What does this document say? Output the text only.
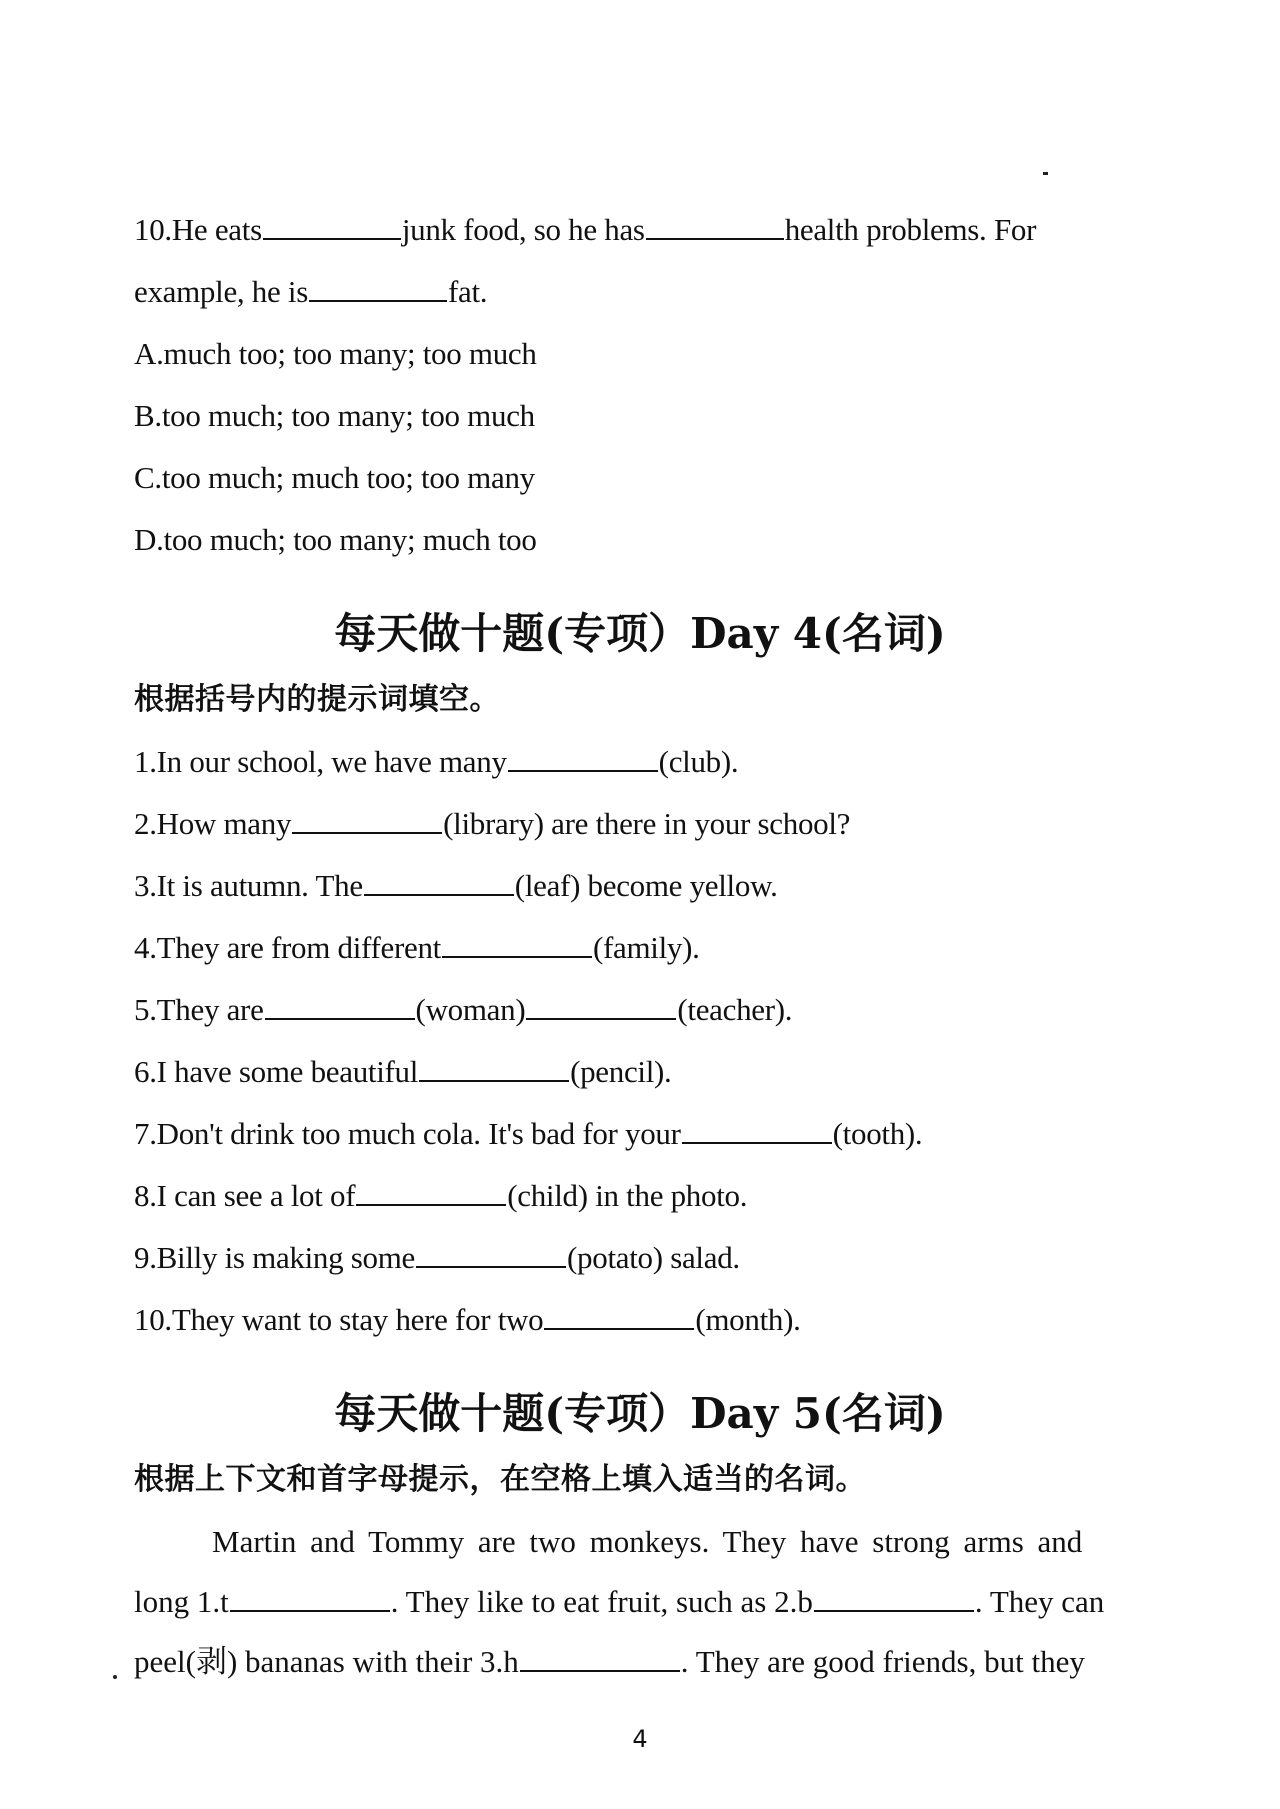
10.He eats	junk food, so he has	health problems. For
example, he is	fat.
A.much too; too many; too much
B.too much; too many; too much
C.too much; much too; too many
D.too much; too many; much too
每天做十题(专项）Day 4(名词)
根据括号内的提示词填空。
1.In our school, we have many	(club).
2.How many	(library) are there in your school?
3.It is autumn. The	(leaf) become yellow.
4.They are from different	(family).
5.They are	(woman)	(teacher).
6.I have some beautiful	(pencil).
7.Don't drink too much cola. It's bad for your	(tooth).
8.I can see a lot of	(child) in the photo.
9.Billy is making some	(potato) salad.
10.They want to stay here for two	(month).
每天做十题(专项）Day 5(名词)
根据上下文和首字母提示，在空格上填入适当的名词。
Martin and Tommy are two monkeys. They have strong arms and
long 1.t	. They like to eat fruit, such as 2.b	. They can
peel(剥) bananas with their 3.h	. They are good friends, but they
4
